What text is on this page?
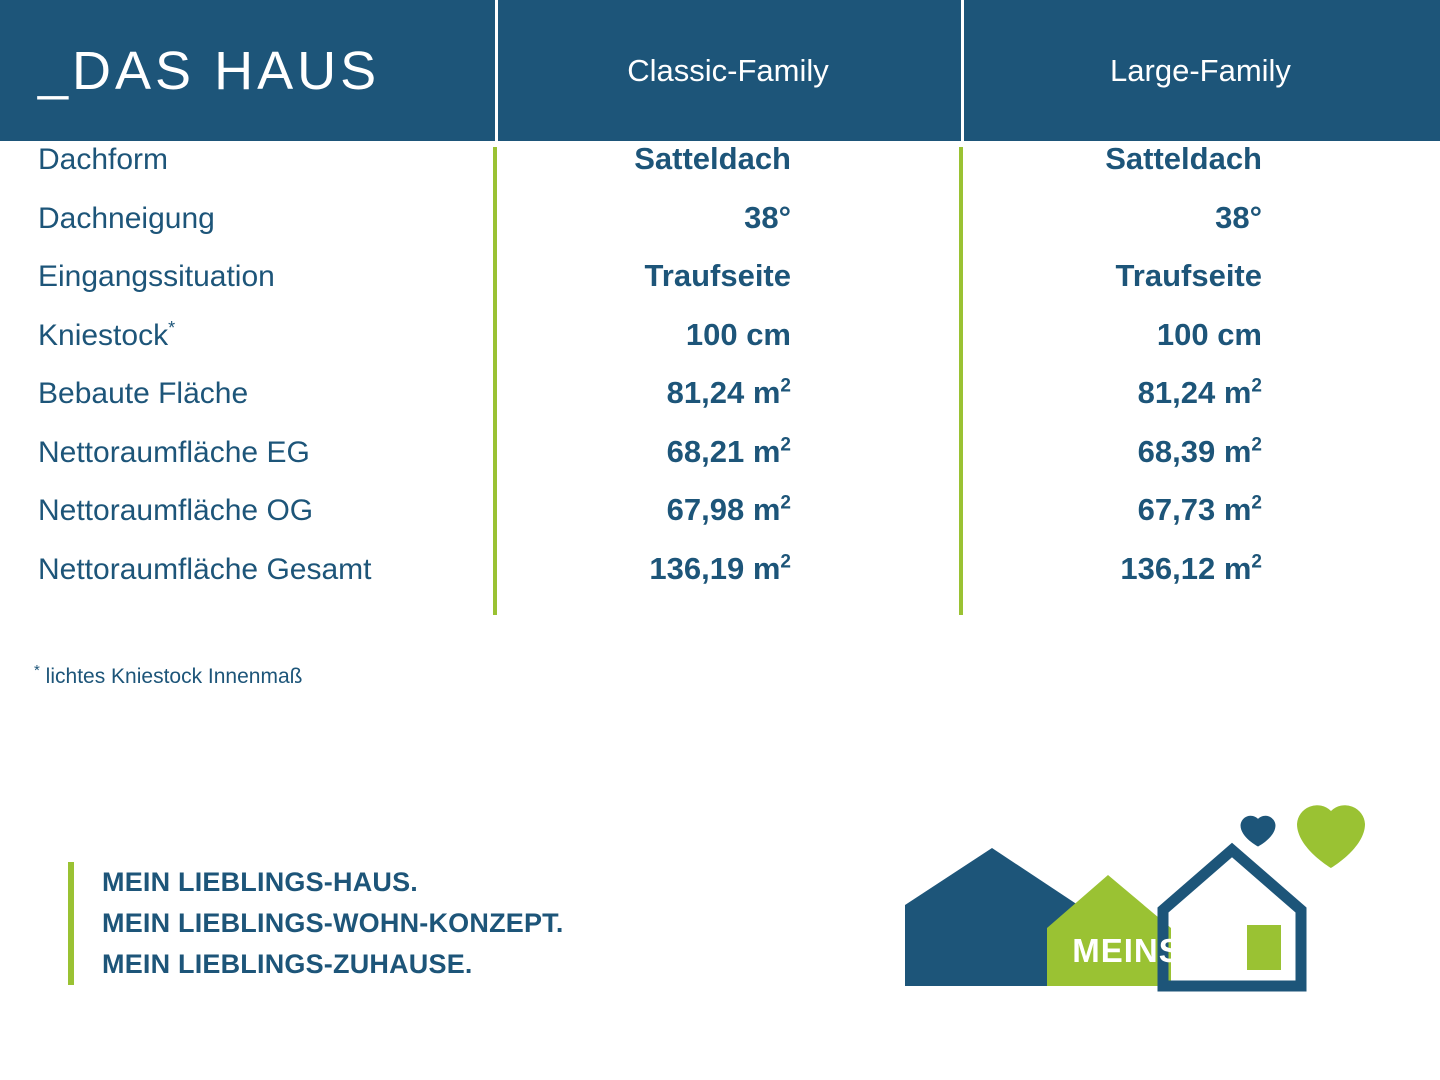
_DAS HAUS	Classic-Family	Large-Family
Dachform	Satteldach	Satteldach
Dachneigung	38°	38°
Eingangssituation	Traufseite	Traufseite
Kniestock*	100 cm	100 cm
Bebaute Fläche	81,24 $m^2$	81,24 $m^2$
Nettoraumfläche EG	68,21 $m^2$	68,39 $m^2$
Nettoraumfläche OG	67,98 $m^2$	67,73 $m^2$
Nettoraumfläche Gesamt	136,19 $m^2$	136,12 $m^2$
* lichtes Kniestock Innenmaß
MEIN LIEBLINGS-HAUS.
MEIN LIEBLINGS-WOHN-KONZEPT.
MEIN LIEBLINGS-ZUHAUSE.	MEINS
